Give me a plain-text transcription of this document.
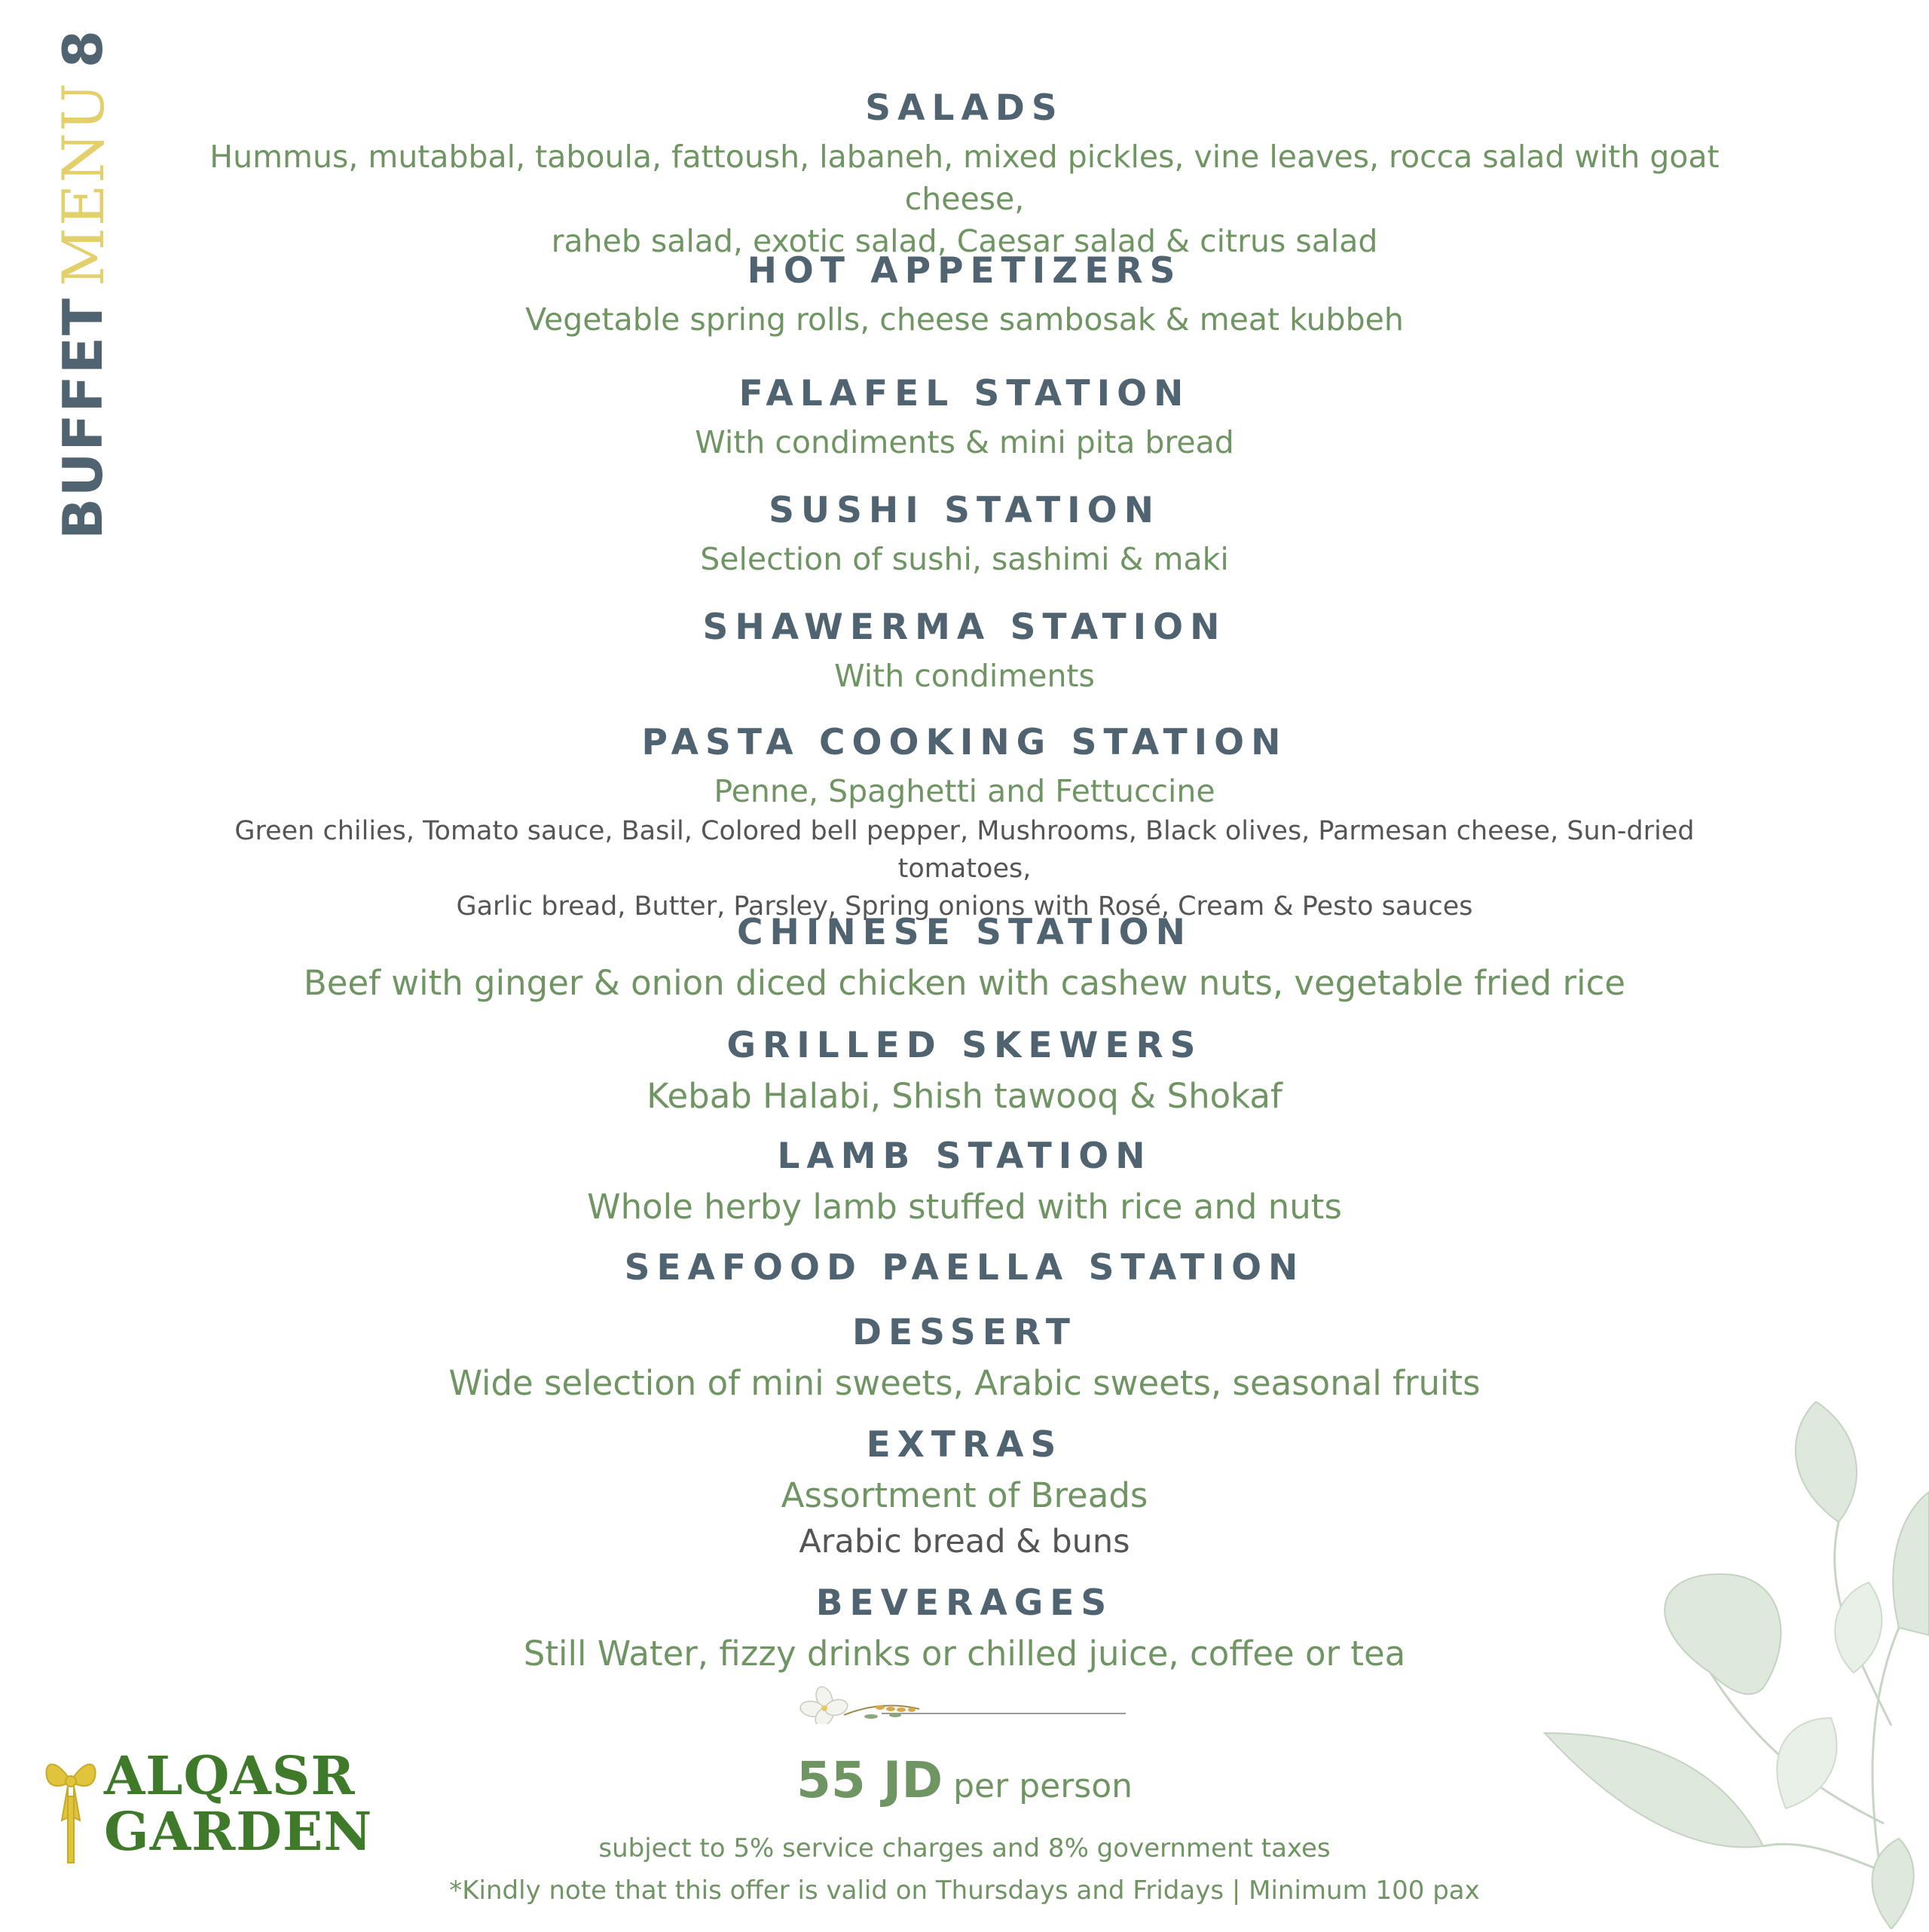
BUFFET
MENU
8

SALADS

Hummus, mutabbal, taboula, fattoush, labaneh, mixed pickles, vine leaves, rocca salad with goat cheese,

raheb salad, exotic salad, Caesar salad & citrus salad

HOT APPETIZERS

Vegetable spring rolls, cheese sambosak & meat kubbeh

FALAFEL STATION

With condiments & mini pita bread

SUSHI STATION

Selection of sushi, sashimi & maki

SHAWERMA STATION

With condiments

PASTA COOKING STATION

Penne, Spaghetti and Fettuccine

Green chilies, Tomato sauce, Basil, Colored bell pepper, Mushrooms, Black olives, Parmesan cheese, Sun-dried tomatoes,

Garlic bread, Butter, Parsley, Spring onions with Rosé, Cream & Pesto sauces

CHINESE STATION

Beef with ginger & onion diced chicken with cashew nuts, vegetable fried rice

GRILLED SKEWERS

Kebab Halabi, Shish tawooq & Shokaf

LAMB STATION

Whole herby lamb stuffed with rice and nuts

SEAFOOD PAELLA STATION

DESSERT

Wide selection of mini sweets, Arabic sweets, seasonal fruits

EXTRAS

Assortment of Breads

Arabic bread & buns

BEVERAGES

Still Water, fizzy drinks or chilled juice, coffee or tea

55 JD per person

subject to 5% service charges and 8% government taxes

*Kindly note that this offer is valid on Thursdays and Fridays | Minimum 100 pax

ALQASR
GARDEN
